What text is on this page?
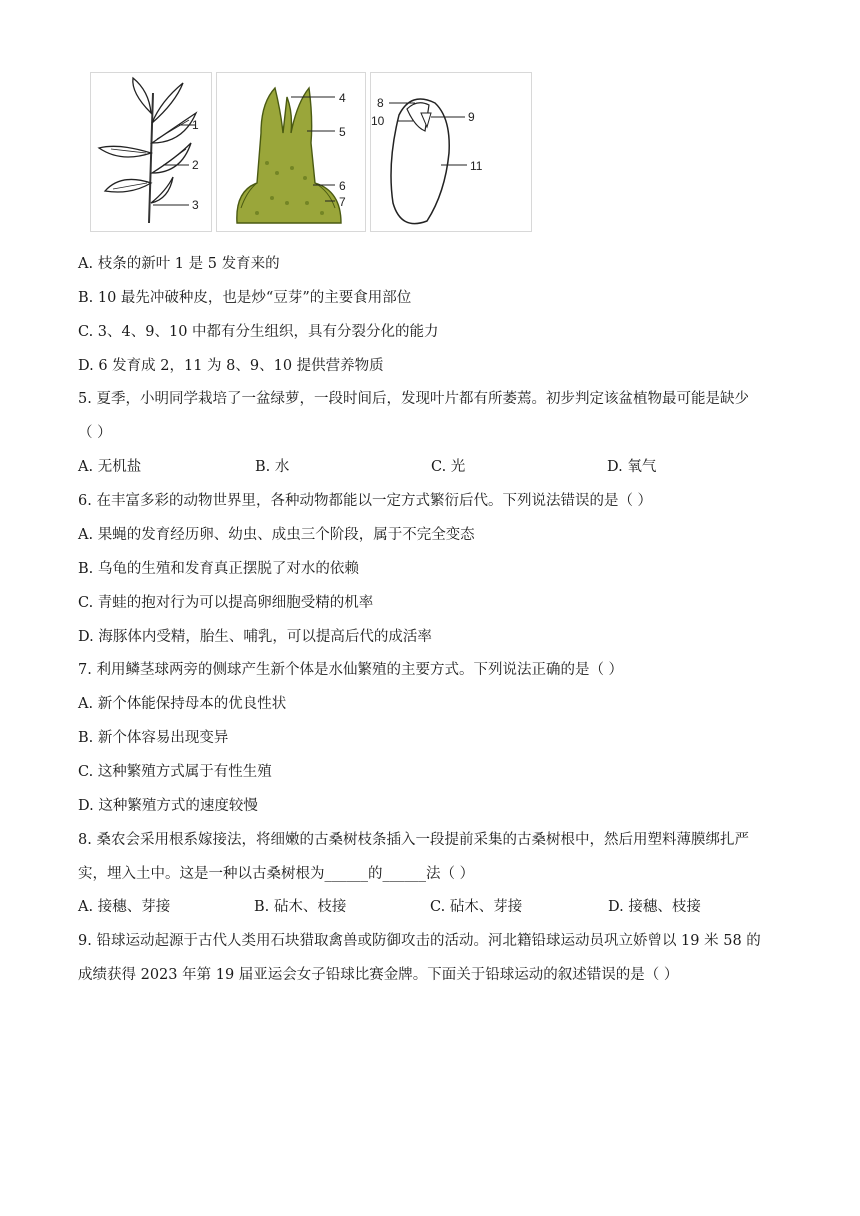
1
2
3
4
5
6
7
8
10	9
11
A. 枝条的新叶 1 是 5 发育来的
B. 10 最先冲破种皮，也是炒“豆芽”的主要食用部位
C. 3、4、9、10 中都有分生组织，具有分裂分化的能力
D. 6 发育成 2，11 为 8、9、10 提供营养物质
5. 夏季，小明同学栽培了一盆绿萝，一段时间后，发现叶片都有所萎蔫。初步判定该盆植物最可能是缺少
（ ）
A. 无机盐	B. 水	C. 光	D. 氧气
6. 在丰富多彩的动物世界里，各种动物都能以一定方式繁衍后代。下列说法错误的是（ ）
A. 果蝇的发育经历卵、幼虫、成虫三个阶段，属于不完全变态
B. 乌龟的生殖和发育真正摆脱了对水的依赖
C. 青蛙的抱对行为可以提高卵细胞受精的机率
D. 海豚体内受精，胎生、哺乳，可以提高后代的成活率
7. 利用鳞茎球两旁的侧球产生新个体是水仙繁殖的主要方式。下列说法正确的是（ ）
A. 新个体能保持母本的优良性状
B. 新个体容易出现变异
C. 这种繁殖方式属于有性生殖
D. 这种繁殖方式的速度较慢
8. 桑农会采用根系嫁接法，将细嫩的古桑树枝条插入一段提前采集的古桑树根中，然后用塑料薄膜绑扎严
实，埋入土中。这是一种以古桑树根为______的______法（ ）
A. 接穗、芽接	B. 砧木、枝接	C. 砧木、芽接	D. 接穗、枝接
9. 铅球运动起源于古代人类用石块猎取禽兽或防御攻击的活动。河北籍铅球运动员巩立娇曾以 19 米 58 的
成绩获得 2023 年第 19 届亚运会女子铅球比赛金牌。下面关于铅球运动的叙述错误的是（ ）
